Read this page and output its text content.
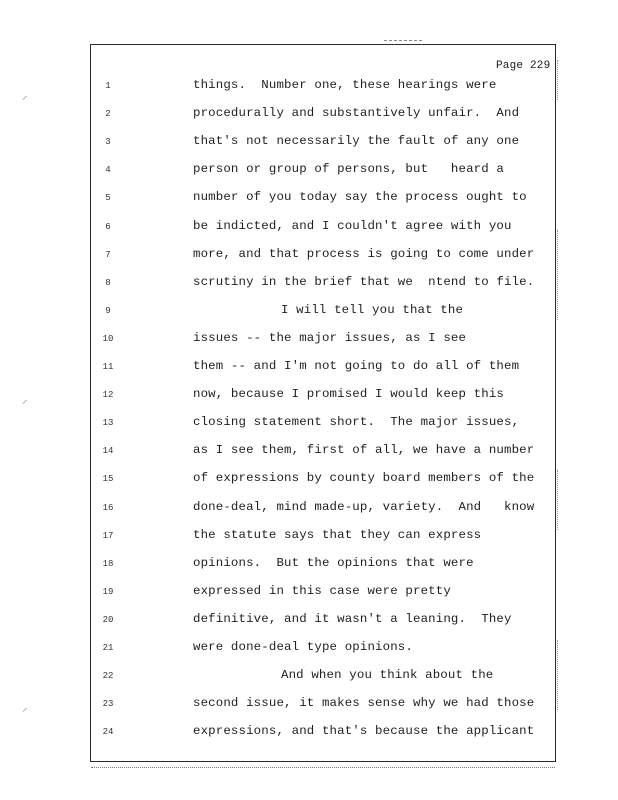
Page 229
⸝
⸝
⸝
1	things.  Number one, these hearings were
2	procedurally and substantively unfair.  And
3	that's not necessarily the fault of any one
4	person or group of persons, but   heard a
5	number of you today say the process ought to
6	be indicted, and I couldn't agree with you
7	more, and that process is going to come under
8	scrutiny in the brief that we  ntend to file.
9	I will tell you that the
10	issues -- the major issues, as I see
11	them -- and I'm not going to do all of them
12	now, because I promised I would keep this
13	closing statement short.  The major issues,
14	as I see them, first of all, we have a number
15	of expressions by county board members of the
16	done-deal, mind made-up, variety.  And   know
17	the statute says that they can express
18	opinions.  But the opinions that were
19	expressed in this case were pretty
20	definitive, and it wasn't a leaning.  They
21	were done-deal type opinions.
22	And when you think about the
23	second issue, it makes sense why we had those
24	expressions, and that's because the applicant
